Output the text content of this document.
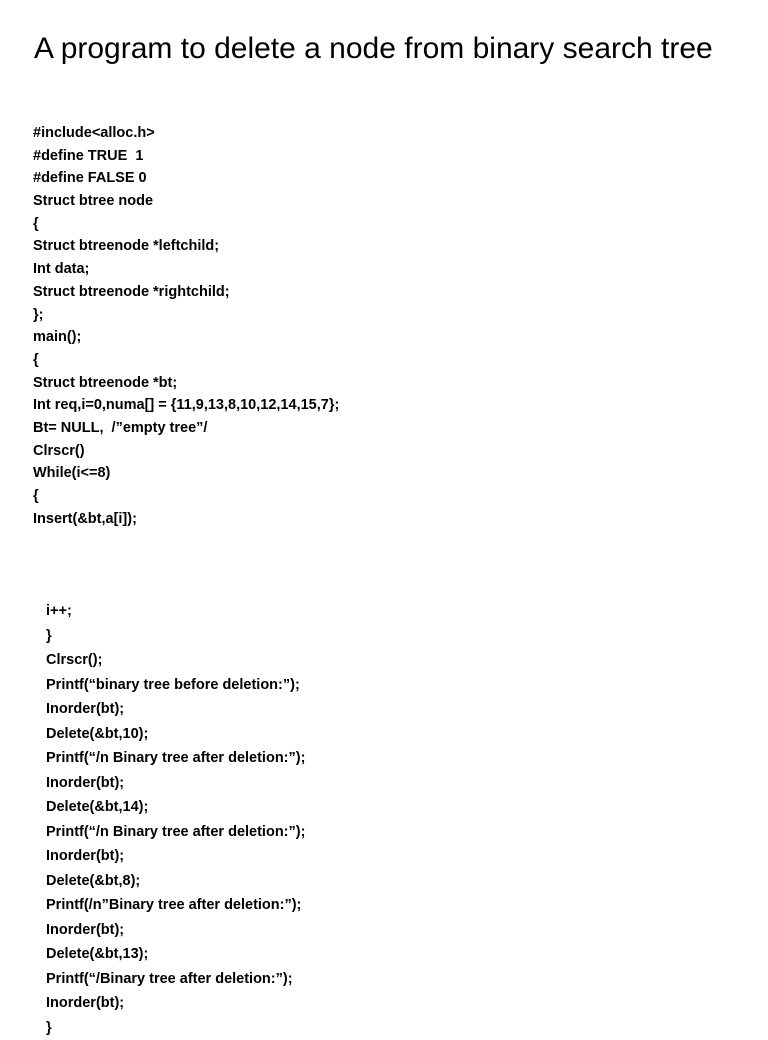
A program to delete a node from binary search tree
#include<alloc.h>
#define TRUE  1
#define FALSE 0
Struct btree node
{
Struct btreenode *leftchild;
Int data;
Struct btreenode *rightchild;
};
main();
{
Struct btreenode *bt;
Int req,i=0,numa[] = {11,9,13,8,10,12,14,15,7};
Bt= NULL,  /”empty tree”/
Clrscr()
While(i<=8)
{
Insert(&bt,a[i]);
i++;
}
Clrscr();
Printf(“binary tree before deletion:”);
Inorder(bt);
Delete(&bt,10);
Printf(“/n Binary tree after deletion:”);
Inorder(bt);
Delete(&bt,14);
Printf(“/n Binary tree after deletion:”);
Inorder(bt);
Delete(&bt,8);
Printf(/n”Binary tree after deletion:”);
Inorder(bt);
Delete(&bt,13);
Printf(“/Binary tree after deletion:”);
Inorder(bt);
}
